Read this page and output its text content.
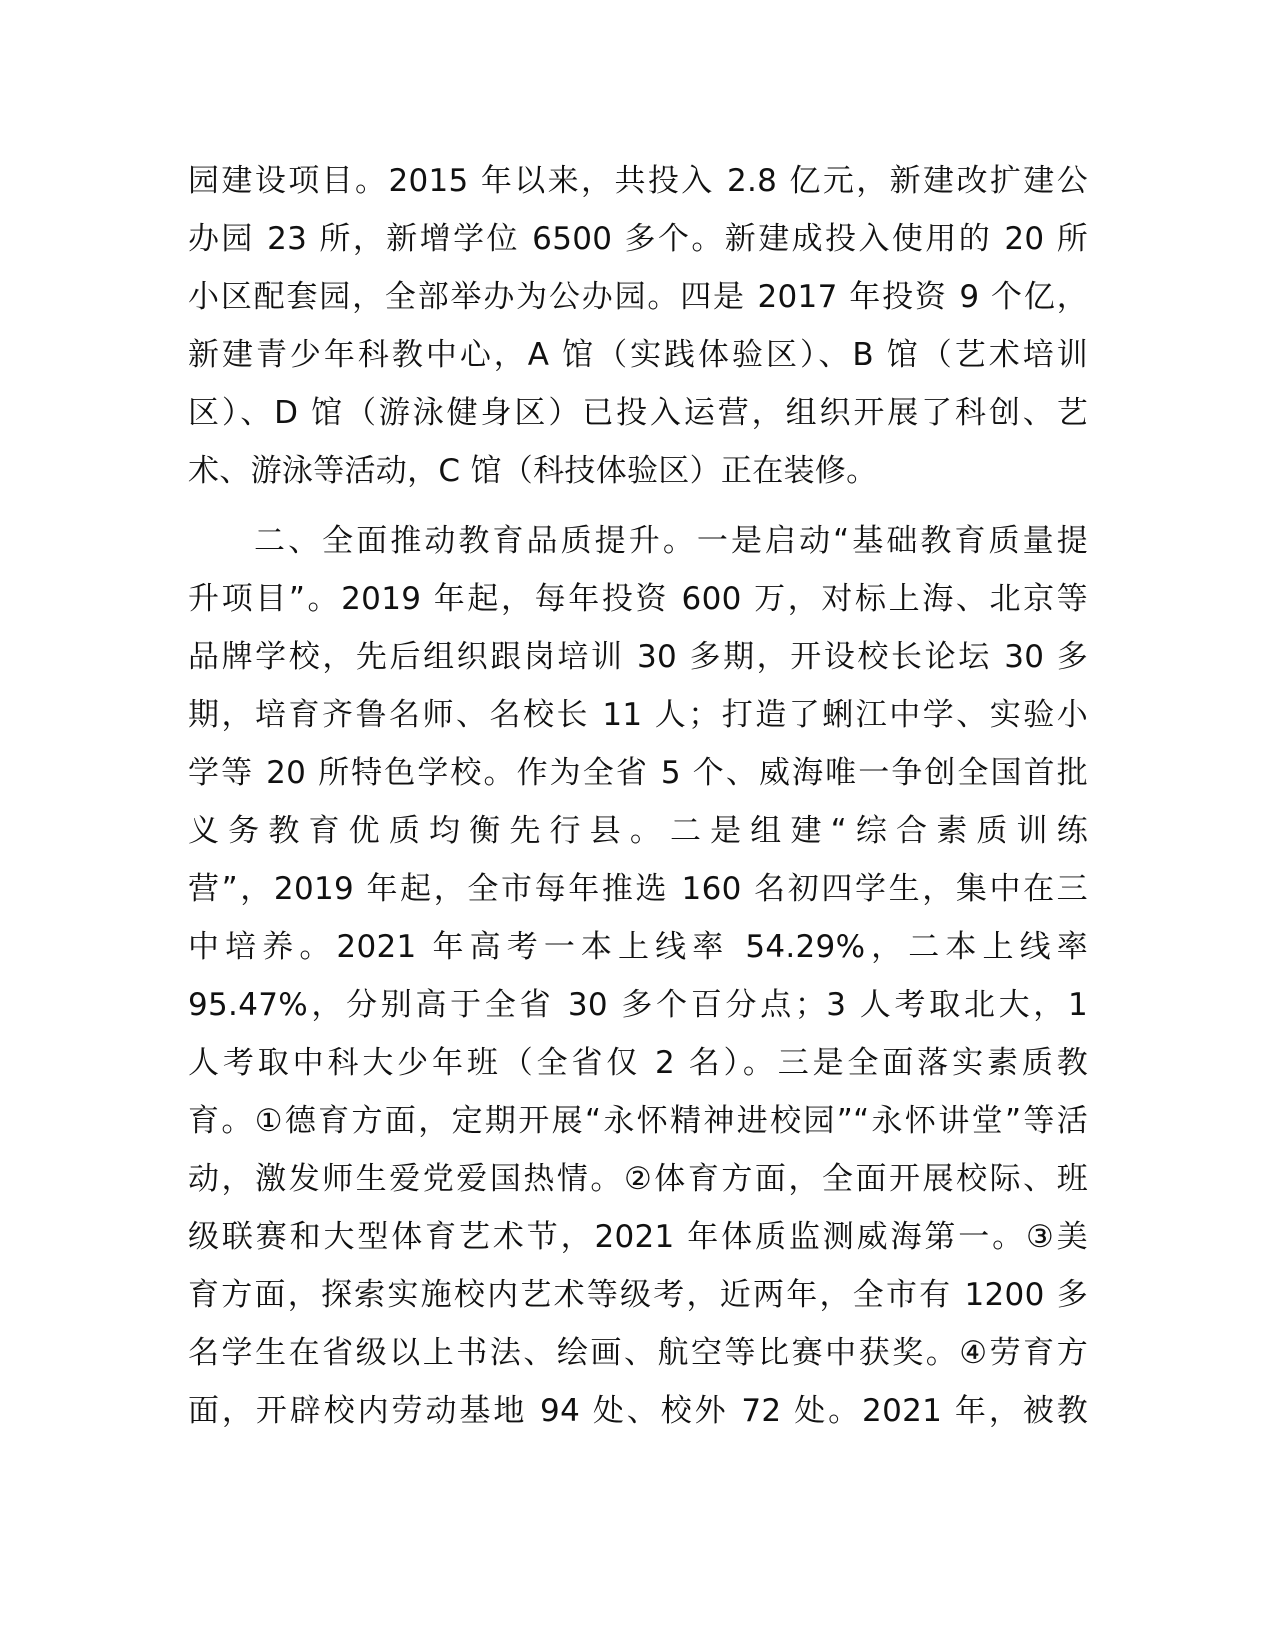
园建设项目。2015 年以来，共投入 2.8 亿元，新建改扩建公
办园 23 所，新增学位 6500 多个。新建成投入使用的 20 所
小区配套园，全部举办为公办园。四是 2017 年投资 9 个亿，
新建青少年科教中心，A 馆（实践体验区）、B 馆（艺术培训
区）、D 馆（游泳健身区）已投入运营，组织开展了科创、艺
术、游泳等活动，C 馆（科技体验区）正在装修。
二、全面推动教育品质提升。一是启动“基础教育质量提
升项目”。2019 年起，每年投资 600 万，对标上海、北京等
品牌学校，先后组织跟岗培训 30 多期，开设校长论坛 30 多
期，培育齐鲁名师、名校长 11 人；打造了蜊江中学、实验小
学等 20 所特色学校。作为全省 5 个、威海唯一争创全国首批
义务教育优质均衡先行县。二是组建“综合素质训练
营”，2019 年起，全市每年推选 160 名初四学生，集中在三
中培养。2021 年高考一本上线率 54.29%，二本上线率
95.47%，分别高于全省 30 多个百分点；3 人考取北大，1
人考取中科大少年班（全省仅 2 名）。三是全面落实素质教
育。①德育方面，定期开展“永怀精神进校园”“永怀讲堂”等活
动，激发师生爱党爱国热情。②体育方面，全面开展校际、班
级联赛和大型体育艺术节，2021 年体质监测威海第一。③美
育方面，探索实施校内艺术等级考，近两年，全市有 1200 多
名学生在省级以上书法、绘画、航空等比赛中获奖。④劳育方
面，开辟校内劳动基地 94 处、校外 72 处。2021 年，被教
